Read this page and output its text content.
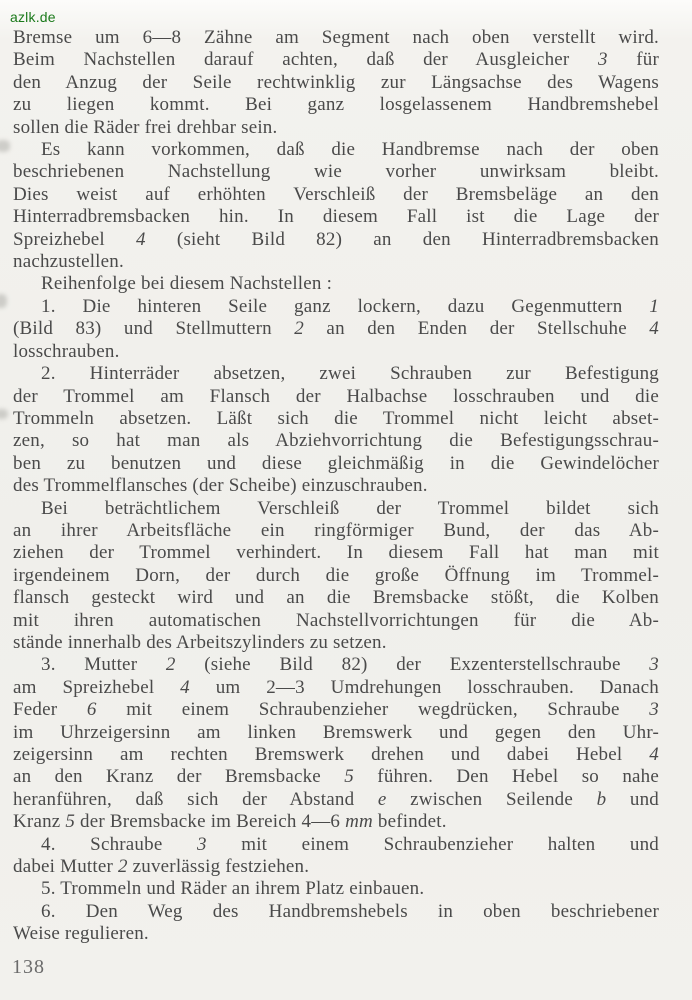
azlk.de
Bremse um 6—8 Zähne am Segment nach oben verstellt wird.
Beim Nachstellen darauf achten, daß der Ausgleicher 3 für
den Anzug der Seile rechtwinklig zur Längsachse des Wagens
zu liegen kommt. Bei ganz losgelassenem Handbremshebel
sollen die Räder frei drehbar sein.
Es kann vorkommen, daß die Handbremse nach der oben
beschriebenen Nachstellung wie vorher unwirksam bleibt.
Dies weist auf erhöhten Verschleiß der Bremsbeläge an den
Hinterradbremsbacken hin. In diesem Fall ist die Lage der
Spreizhebel 4 (sieht Bild 82) an den Hinterradbremsbacken
nachzustellen.
Reihenfolge bei diesem Nachstellen :
1. Die hinteren Seile ganz lockern, dazu Gegenmuttern 1
(Bild 83) und Stellmuttern 2 an den Enden der Stellschuhe 4
losschrauben.
2. Hinterräder absetzen, zwei Schrauben zur Befestigung
der Trommel am Flansch der Halbachse losschrauben und die
Trommeln absetzen. Läßt sich die Trommel nicht leicht abset-
zen, so hat man als Abziehvorrichtung die Befestigungsschrau-
ben zu benutzen und diese gleichmäßig in die Gewindelöcher
des Trommelflansches (der Scheibe) einzuschrauben.
Bei beträchtlichem Verschleiß der Trommel bildet sich
an ihrer Arbeitsfläche ein ringförmiger Bund, der das Ab-
ziehen der Trommel verhindert. In diesem Fall hat man mit
irgendeinem Dorn, der durch die große Öffnung im Trommel-
flansch gesteckt wird und an die Bremsbacke stößt, die Kolben
mit ihren automatischen Nachstellvorrichtungen für die Ab-
stände innerhalb des Arbeitszylinders zu setzen.
3. Mutter 2 (siehe Bild 82) der Exzenterstellschraube 3
am Spreizhebel 4 um 2—3 Umdrehungen losschrauben. Danach
Feder 6 mit einem Schraubenzieher wegdrücken, Schraube 3
im Uhrzeigersinn am linken Bremswerk und gegen den Uhr-
zeigersinn am rechten Bremswerk drehen und dabei Hebel 4
an den Kranz der Bremsbacke 5 führen. Den Hebel so nahe
heranführen, daß sich der Abstand e zwischen Seilende b und
Kranz 5 der Bremsbacke im Bereich 4—6 mm befindet.
4. Schraube 3 mit einem Schraubenzieher halten und
dabei Mutter 2 zuverlässig festziehen.
5. Trommeln und Räder an ihrem Platz einbauen.
6. Den Weg des Handbremshebels in oben beschriebener
Weise regulieren.
138
